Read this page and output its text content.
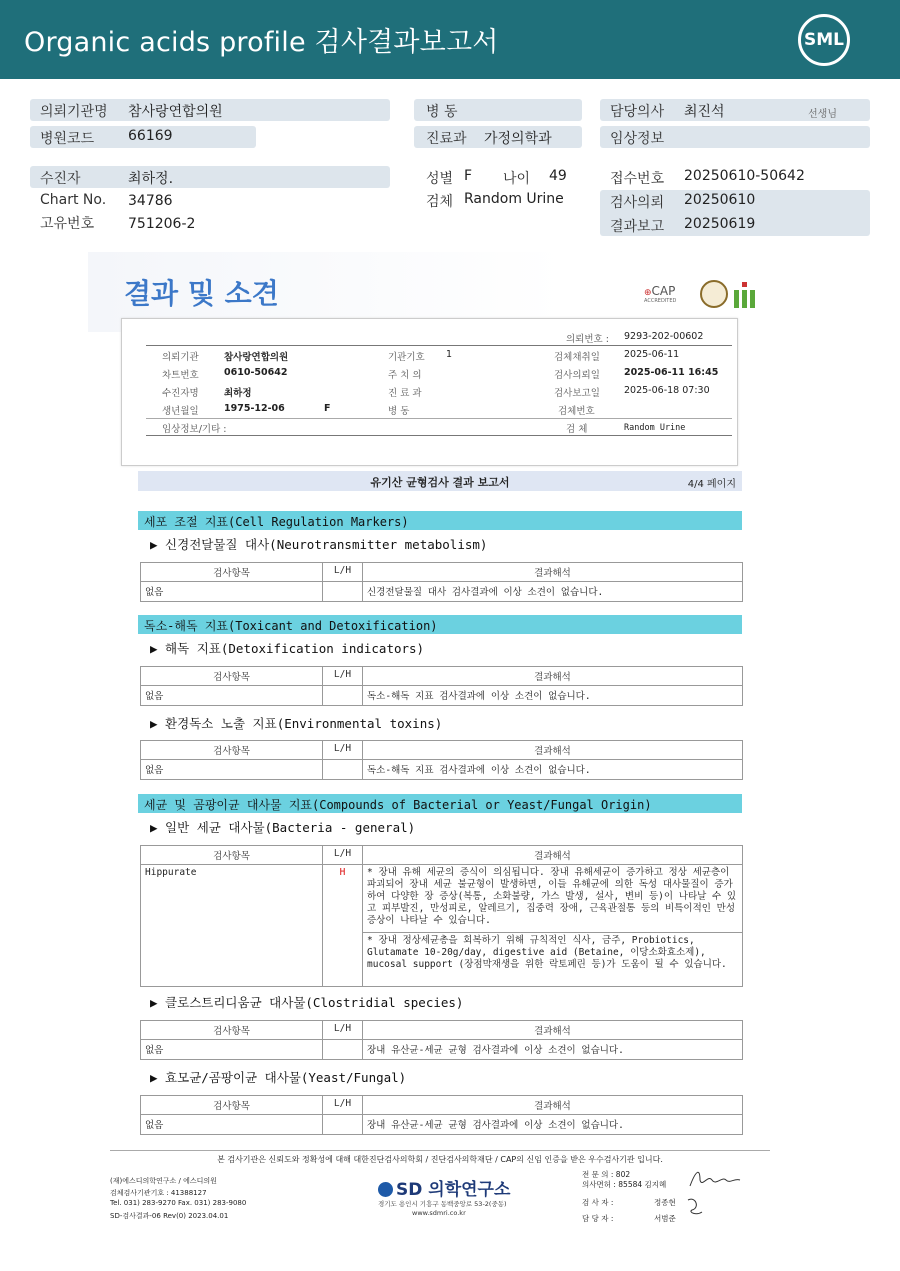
Organic acids profile 검사결과보고서	SML
의뢰기관명 참사랑연합의원
병원코드 66169
병 동
진료과 가정의학과
담당의사 최진석	선생님
임상정보
수진자	최하정.
Chart No. 34786
고유번호 751206-2
성별 F 나이 49
검체 Random Urine
접수번호 20250610-50642
검사의뢰 20250610
결과보고 20250619
결과 및 소견	⊕CAP
ACCREDITED
의뢰번호 : 9293-202-00602
의뢰기관	참사랑연합의원	기관기호 1	검체채취일	2025-06-11
차트번호	0610-50642	주 치 의	검사의뢰일	2025-06-11 16:45
수진자명	최하정	진 료 과	검사보고일	2025-06-18 07:30
생년월일	1975-12-06	F	병 동	검체번호
임상정보/기타 :	검 체	Random Urine
유기산 균형검사 결과 보고서	4/4 페이지
세포 조절 지표(Cell Regulation Markers)
▶ 신경전달물질 대사(Neurotransmitter metabolism)
검사항목	L/H	결과해석
없음		신경전달물질 대사 검사결과에 이상 소견이 없습니다.
독소-해독 지표(Toxicant and Detoxification)
▶ 해독 지표(Detoxification indicators)
검사항목	L/H	결과해석
없음		독소-해독 지표 검사결과에 이상 소견이 없습니다.
▶ 환경독소 노출 지표(Environmental toxins)
검사항목	L/H	결과해석
없음		독소-해독 지표 검사결과에 이상 소견이 없습니다.
세균 및 곰팡이균 대사물 지표(Compounds of Bacterial or Yeast/Fungal Origin)
▶ 일반 세균 대사물(Bacteria - general)
검사항목	L/H	결과해석
Hippurate	H	* 장내 유해 세균의 증식이 의심됩니다. 장내 유해세균이 증가하고 정상 세균층이 파괴되어 장내 세균 불균형이 발생하면, 이들 유해균에 의한 독성 대사물질이 증가하여 다양한 장 증상(복통, 소화불량, 가스 발생, 설사, 변비 등)이 나타날 수 있고 피부발진, 만성피로, 알레르기, 집중력 장애, 근육관절통 등의 비특이적인 만성증상이 나타날 수 있습니다.
		* 장내 정상세균총을 회복하기 위해 규칙적인 식사, 금주, Probiotics, Glutamate 10-20g/day, digestive aid (Betaine, 이당소화효소제), mucosal support (장점막재생을 위한 락토페린 등)가 도움이 될 수 있습니다.
▶ 클로스트리디움균 대사물(Clostridial species)
검사항목	L/H	결과해석
없음		장내 유산균-세균 균형 검사결과에 이상 소견이 없습니다.
▶ 효모균/곰팡이균 대사물(Yeast/Fungal)
검사항목	L/H	결과해석
없음		장내 유산균-세균 균형 검사결과에 이상 소견이 없습니다.
본 검사기관은 신뢰도와 정확성에 대해 대한진단검사의학회 / 진단검사의학재단 / CAP의 신임 인증을 받은 우수검사기관 입니다.
(재)에스디의학연구소 / 에스디의원
검체검사기관기호 : 41388127
Tel. 031) 283-9270 Fax. 031) 283-9080
SD-검사결과-06 Rev(0) 2023.04.01
SD 의학연구소
경기도 용인시 기흥구 동백중앙로 53-2(중동)
www.sdmri.co.kr
전 문 의 : 802
의사면허 : 85584 김지혜
검 사 자 :	정종현
담 당 자 :	서범준
